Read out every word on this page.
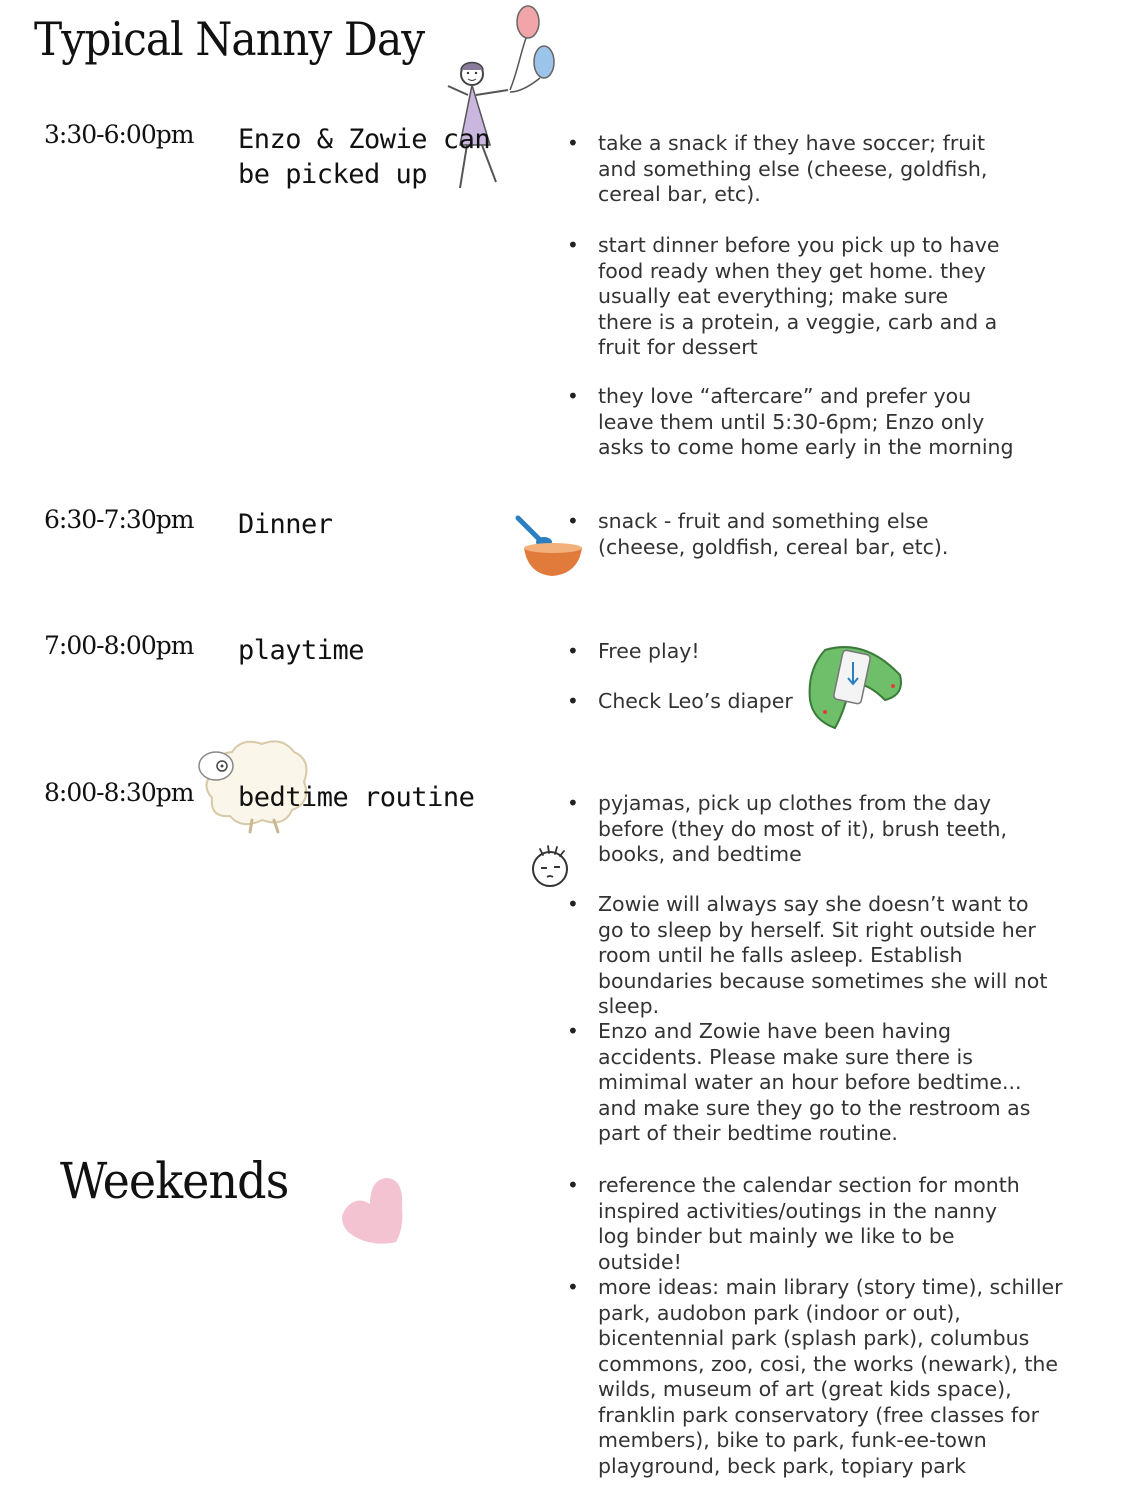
Typical Nanny Day
3:30-6:00pm Enzo & Zowie can
be picked up
• take a snack if they have soccer; fruit and something else (cheese, goldfish, cereal bar, etc).
• start dinner before you pick up to have food ready when they get home. they usually eat everything; make sure there is a protein, a veggie, carb and a fruit for dessert
• they love “aftercare” and prefer you leave them until 5:30-6pm; Enzo only asks to come home early in the morning
6:30-7:30pm Dinner	• snack - fruit and something else (cheese, goldfish, cereal bar, etc).
7:00-8:00pm playtime	• Free play!
• Check Leo’s diaper
8:00-8:30pm bedtime routine	• pyjamas, pick up clothes from the day before (they do most of it), brush teeth, books, and bedtime
• Zowie will always say she doesn’t want to go to sleep by herself. Sit right outside her room until he falls asleep. Establish boundaries because sometimes she will not sleep.
• Enzo and Zowie have been having accidents. Please make sure there is mimimal water an hour before bedtime... and make sure they go to the restroom as part of their bedtime routine.
Weekends	• reference the calendar section for month inspired activities/outings in the nanny log binder but mainly we like to be outside!
• more ideas: main library (story time), schiller park, audobon park (indoor or out), bicentennial park (splash park), columbus commons, zoo, cosi, the works (newark), the wilds, museum of art (great kids space), franklin park conservatory (free classes for members), bike to park, funk-ee-town playground, beck park, topiary park
